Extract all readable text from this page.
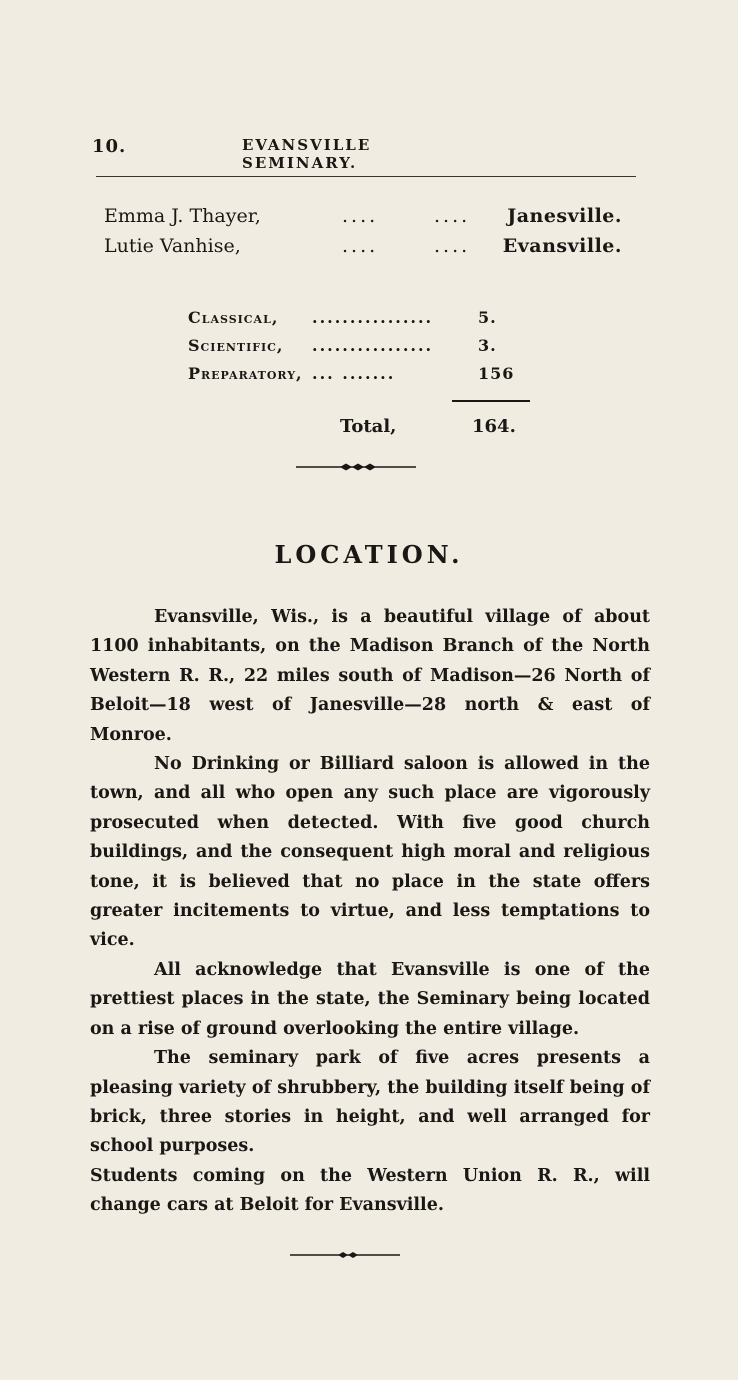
10.	EVANSVILLE SEMINARY.
Emma J. Thayer,	....	.... Janesville.
Lutie Vanhise,	....	.... Evansville.
Classical, ................	5.
Scientific, ................	3.
Preparatory, ... .......	156
Total,	164.
LOCATION.

Evansville, Wis., is a beautiful village of about 1100 inhabitants, on the Madison Branch of the North Western R. R., 22 miles south of Madison—26 North of Beloit—18 west of Janesville—28 north & east of Monroe.

No Drinking or Billiard saloon is allowed in the town, and all who open any such place are vigorously prosecuted when detected. With five good church buildings, and the consequent high moral and religious tone, it is believed that no place in the state offers greater incitements to virtue, and less temptations to vice.

All acknowledge that Evansville is one of the prettiest places in the state, the Seminary being located on a rise of ground overlooking the entire village.

The seminary park of five acres presents a pleasing variety of shrubbery, the building itself being of brick, three stories in height, and well arranged for school purposes.

Students coming on the Western Union R. R., will change cars at Beloit for Evansville.
